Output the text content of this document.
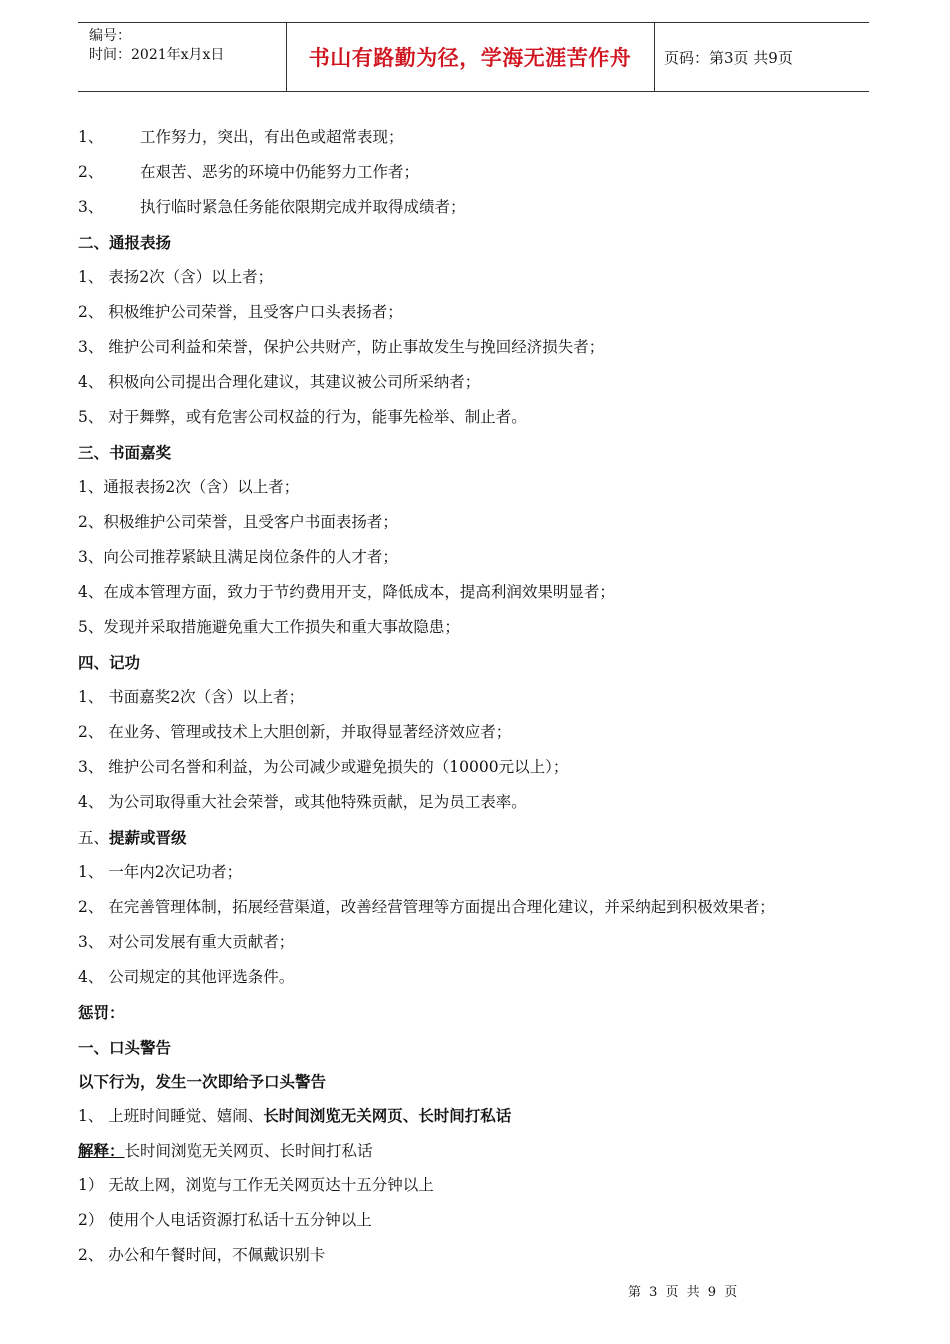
编号：
时间：2021年x月x日	书山有路勤为径，学海无涯苦作舟	页码：第3页 共9页
1、 工作努力，突出，有出色或超常表现；
2、 在艰苦、恶劣的环境中仍能努力工作者；
3、 执行临时紧急任务能依限期完成并取得成绩者；
二、通报表扬
1、 表扬2次（含）以上者；
2、 积极维护公司荣誉，且受客户口头表扬者；
3、 维护公司利益和荣誉，保护公共财产，防止事故发生与挽回经济损失者；
4、 积极向公司提出合理化建议，其建议被公司所采纳者；
5、 对于舞弊，或有危害公司权益的行为，能事先检举、制止者。
三、书面嘉奖
1、通报表扬2次（含）以上者；
2、积极维护公司荣誉，且受客户书面表扬者；
3、向公司推荐紧缺且满足岗位条件的人才者；
4、在成本管理方面，致力于节约费用开支，降低成本，提高利润效果明显者；
5、发现并采取措施避免重大工作损失和重大事故隐患；
四、记功
1、 书面嘉奖2次（含）以上者；
2、 在业务、管理或技术上大胆创新，并取得显著经济效应者；
3、 维护公司名誉和利益，为公司减少或避免损失的（10000元以上）；
4、 为公司取得重大社会荣誉，或其他特殊贡献，足为员工表率。
五、提薪或晋级
1、 一年内2次记功者；
2、 在完善管理体制，拓展经营渠道，改善经营管理等方面提出合理化建议，并采纳起到积极效果者；
3、 对公司发展有重大贡献者；
4、 公司规定的其他评选条件。
惩罚：
一、口头警告
以下行为，发生一次即给予口头警告
1、 上班时间睡觉、嬉闹、长时间浏览无关网页、长时间打私话
解释：长时间浏览无关网页、长时间打私话
1） 无故上网，浏览与工作无关网页达十五分钟以上
2） 使用个人电话资源打私话十五分钟以上
2、 办公和午餐时间，不佩戴识别卡
第 3 页 共 9 页
